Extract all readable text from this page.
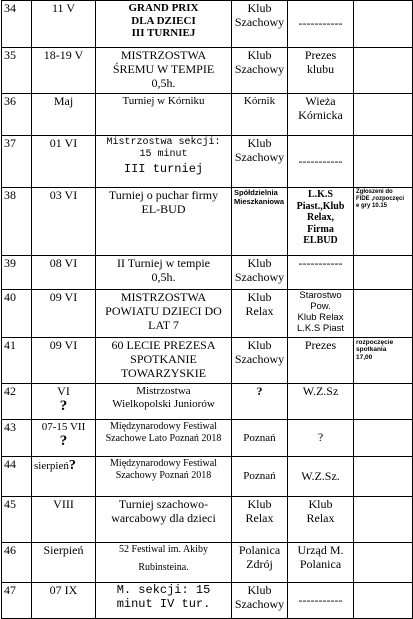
34	11 V	GRAND PRIX
DLA DZIECI
III TURNIEJ	Klub
Szachowy	-----------	
35	18-19 V	MISTRZOSTWA
ŚREMU W TEMPIE
0,5h.	Klub
Szachowy	Prezes
klubu	

36	Maj	Turniej w Kórniku	Kórnik	Wieża
Kórnicka	

37	01 VI	Mistrzostwa sekcji:
15 minut
III turniej	Klub
Szachowy	-----------	
38	03 VI	Turniej o puchar firmy
EL-BUD	Spółdzielnia
Mieszkaniowa	L.K.S
Piast.,Klub
Relax,
Firma
ELBUD	Zgłoszeni do
FIDE ,rozpoczęci
e gry 10.15

39	08 VI	II Turniej w tempie
0,5h.	Klub
Szachowy	-----------	
40	09 VI	MISTRZOSTWA
POWIATU DZIECI DO
LAT 7	Klub
Relax	Starostwo
Pow.
Klub Relax
L.K.S Piast	

41	09 VI	60 LECIE PREZESA
SPOTKANIE
TOWARZYSKIE	Klub
Szachowy	Prezes	rozpoczęcie
spotkania
17,00

42	VI
?	Mistrzostwa
Wielkopolski Juniorów	?	W.Z.Sz	

43	07-15 VII
?	Międzynarodowy Festiwal
Szachowe Lato Poznań 2018	Poznań	?	

44	sierpień?	Międzynarodowy Festiwal
Szachowy Poznań 2018	Poznań	W.Z.Sz.	

45	VIII	Turniej szachowo-
warcabowy dla dzieci	Klub
Relax	Klub
Relax	

46	Sierpień	52 Festiwal im. Akiby
Rubinsteina.	Polanica
Zdrój	Urząd M.
Polanica	

47	07 IX	M. sekcji: 15
minut IV tur.	Klub
Szachowy	-----------	
